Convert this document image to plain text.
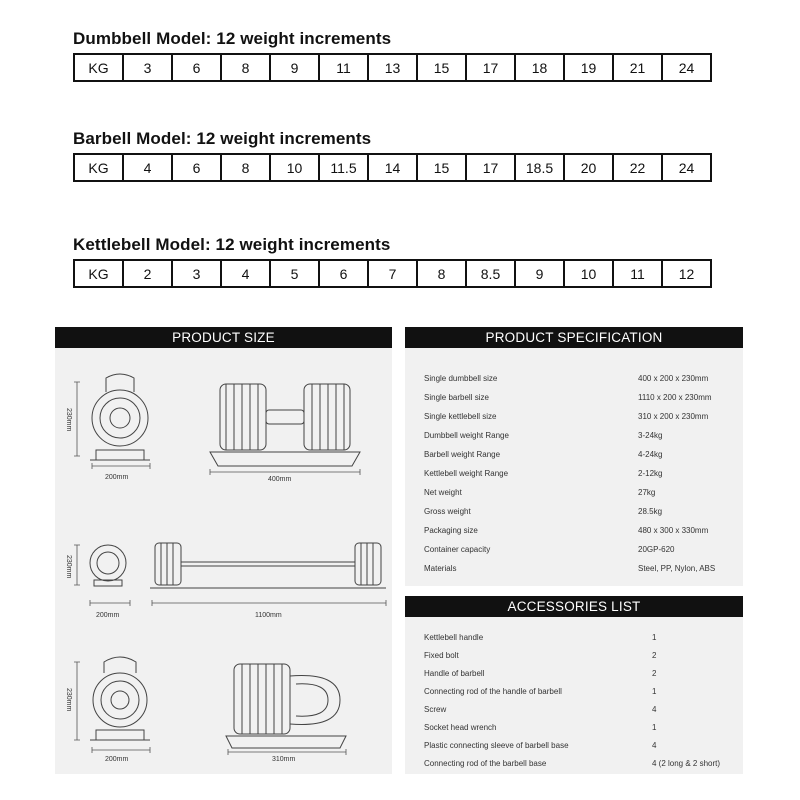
Dumbbell Model: 12 weight increments
KG	3	6	8	9	11	13	15	17	18	19	21	24
Barbell Model: 12 weight increments
KG	4	6	8	10	11.5	14	15	17	18.5	20	22	24
Kettlebell Model: 12 weight increments
KG	2	3	4	5	6	7	8	8.5	9	10	11	12
PRODUCT SIZE
230mm
200mm	400mm
230mm
200mm	1100mm
230mm
200mm	310mm
PRODUCT SPECIFICATION
Single dumbbell size	400 x 200 x 230mm
Single barbell size	1110 x 200 x 230mm
Single kettlebell size	310 x 200 x 230mm
Dumbbell weight Range	3-24kg
Barbell weight Range	4-24kg
Kettlebell weight Range	2-12kg
Net weight	27kg
Gross weight	28.5kg
Packaging size	480 x 300 x 330mm
Container capacity	20GP-620
Materials	Steel, PP, Nylon, ABS
ACCESSORIES LIST
Kettlebell handle	1
Fixed bolt	2
Handle of barbell	2
Connecting rod of the handle of barbell	1
Screw	4
Socket head wrench	1
Plastic connecting sleeve of barbell base	4
Connecting rod of the barbell base	4 (2 long & 2 short)
